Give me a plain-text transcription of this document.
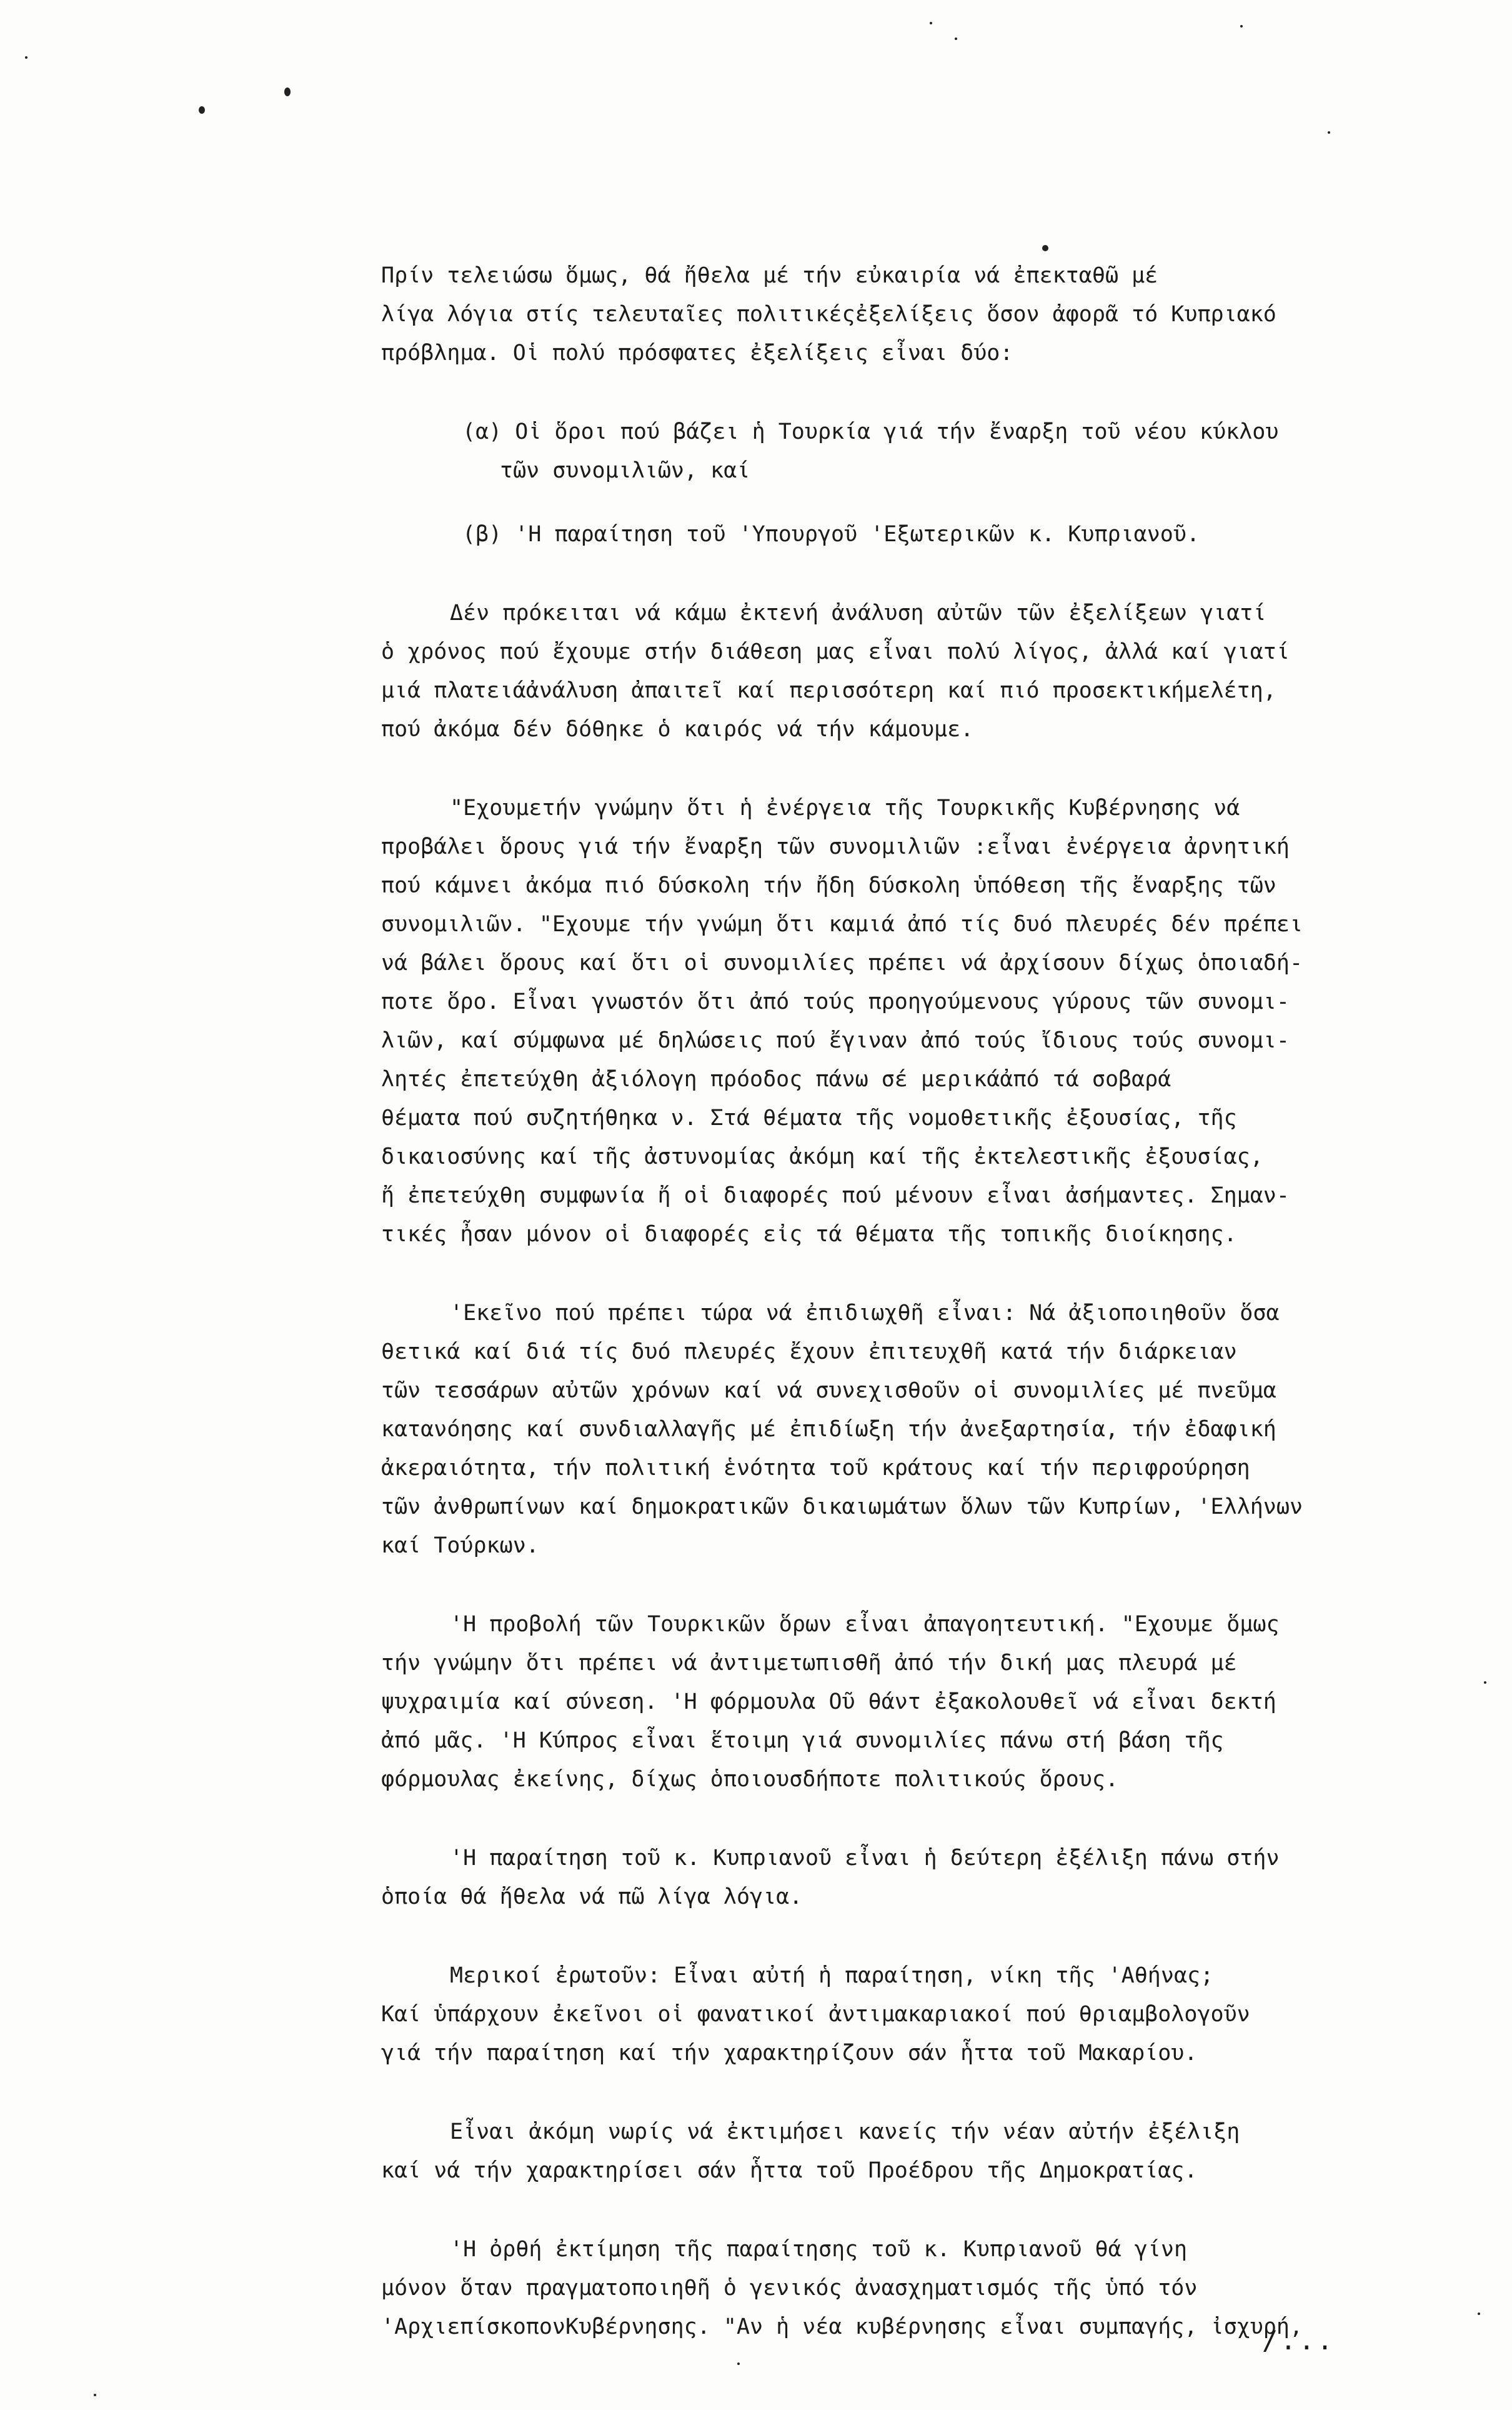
Πρίν τελειώσω ὅμως, θά ἤθελα μέ τήν εὐκαιρία νά ἐπεκταθῶ μέ
λίγα λόγια στίς τελευταῖες πολιτικέςἐξελίξεις ὅσον ἀφορᾶ τό Κυπριακό
πρόβλημα. Οἱ πολύ πρόσφατες ἐξελίξεις εἶναι δύο:

(α) Οἱ ὅροι πού βάζει ἡ Τουρκία γιά τήν ἔναρξη τοῦ νέου κύκλου
τῶν συνομιλιῶν, καί

(β) 'Η παραίτηση τοῦ 'Υπουργοῦ 'Εξωτερικῶν κ. Κυπριανοῦ.

Δέν πρόκειται νά κάμω ἐκτενή ἀνάλυση αὐτῶν τῶν ἐξελίξεων γιατί
ὁ χρόνος πού ἔχουμε στήν διάθεση μας εἶναι πολύ λίγος, ἀλλά καί γιατί
μιά πλατειάἀνάλυση ἀπαιτεῖ καί περισσότερη καί πιό προσεκτικήμελέτη,
πού ἀκόμα δέν δόθηκε ὁ καιρός νά τήν κάμουμε.

"Εχουμετήν γνώμην ὅτι ἡ ἐνέργεια τῆς Τουρκικῆς Κυβέρνησης νά
προβάλει ὅρους γιά τήν ἔναρξη τῶν συνομιλιῶν :εἶναι ἐνέργεια ἀρνητική
πού κάμνει ἀκόμα πιό δύσκολη τήν ἤδη δύσκολη ὑπόθεση τῆς ἔναρξης τῶν
συνομιλιῶν. "Εχουμε τήν γνώμη ὅτι καμιά ἀπό τίς δυό πλευρές δέν πρέπει
νά βάλει ὅρους καί ὅτι οἱ συνομιλίες πρέπει νά ἀρχίσουν δίχως ὁποιαδή-
ποτε ὅρο. Εἶναι γνωστόν ὅτι ἀπό τούς προηγούμενους γύρους τῶν συνομι-
λιῶν, καί σύμφωνα μέ δηλώσεις πού ἔγιναν ἀπό τούς ἴδιους τούς συνομι-
λητές ἐπετεύχθη ἀξιόλογη πρόοδος πάνω σέ μερικάἀπό τά σοβαρά
θέματα πού συζητήθηκα ν. Στά θέματα τῆς νομοθετικῆς ἐξουσίας, τῆς
δικαιοσύνης καί τῆς ἀστυνομίας ἀκόμη καί τῆς ἐκτελεστικῆς ἐξουσίας,
ἤ ἐπετεύχθη συμφωνία ἤ οἱ διαφορές πού μένουν εἶναι ἀσήμαντες. Σημαν-
τικές ἦσαν μόνον οἱ διαφορές εἰς τά θέματα τῆς τοπικῆς διοίκησης.

'Εκεῖνο πού πρέπει τώρα νά ἐπιδιωχθῆ εἶναι: Νά ἀξιοποιηθοῦν ὅσα
θετικά καί διά τίς δυό πλευρές ἔχουν ἐπιτευχθῆ κατά τήν διάρκειαν
τῶν τεσσάρων αὐτῶν χρόνων καί νά συνεχισθοῦν οἱ συνομιλίες μέ πνεῦμα
κατανόησης καί συνδιαλλαγῆς μέ ἐπιδίωξη τήν ἀνεξαρτησία, τήν ἐδαφική
ἀκεραιότητα, τήν πολιτική ἑνότητα τοῦ κράτους καί τήν περιφρούρηση
τῶν ἀνθρωπίνων καί δημοκρατικῶν δικαιωμάτων ὅλων τῶν Κυπρίων, 'Ελλήνων
καί Τούρκων.

'Η προβολή τῶν Τουρκικῶν ὅρων εἶναι ἀπαγοητευτική. "Εχουμε ὅμως
τήν γνώμην ὅτι πρέπει νά ἀντιμετωπισθῆ ἀπό τήν δική μας πλευρά μέ
ψυχραιμία καί σύνεση. 'Η φόρμουλα Οῦ θάντ ἐξακολουθεῖ νά εἶναι δεκτή
ἀπό μᾶς. 'Η Κύπρος εἶναι ἕτοιμη γιά συνομιλίες πάνω στή βάση τῆς
φόρμουλας ἐκείνης, δίχως ὁποιουσδήποτε πολιτικούς ὅρους.

'Η παραίτηση τοῦ κ. Κυπριανοῦ εἶναι ἡ δεύτερη ἐξέλιξη πάνω στήν
ὁποία θά ἤθελα νά πῶ λίγα λόγια.

Μερικοί ἐρωτοῦν: Εἶναι αὐτή ἡ παραίτηση, νίκη τῆς 'Αθήνας;
Καί ὑπάρχουν ἐκεῖνοι οἱ φανατικοί ἀντιμακαριακοί πού θριαμβολογοῦν
γιά τήν παραίτηση καί τήν χαρακτηρίζουν σάν ἧττα τοῦ Μακαρίου.

Εἶναι ἀκόμη νωρίς νά ἐκτιμήσει κανείς τήν νέαν αὐτήν ἐξέλιξη
καί νά τήν χαρακτηρίσει σάν ἧττα τοῦ Προέδρου τῆς Δημοκρατίας.

'Η ὀρθή ἐκτίμηση τῆς παραίτησης τοῦ κ. Κυπριανοῦ θά γίνη
μόνον ὅταν πραγματοποιηθῆ ὁ γενικός ἀνασχηματισμός τῆς ὑπό τόν
'ΑρχιεπίσκοπονΚυβέρνησης. "Αν ἡ νέα κυβέρνησης εἶναι συμπαγής, ἰσχυρή,

/...
